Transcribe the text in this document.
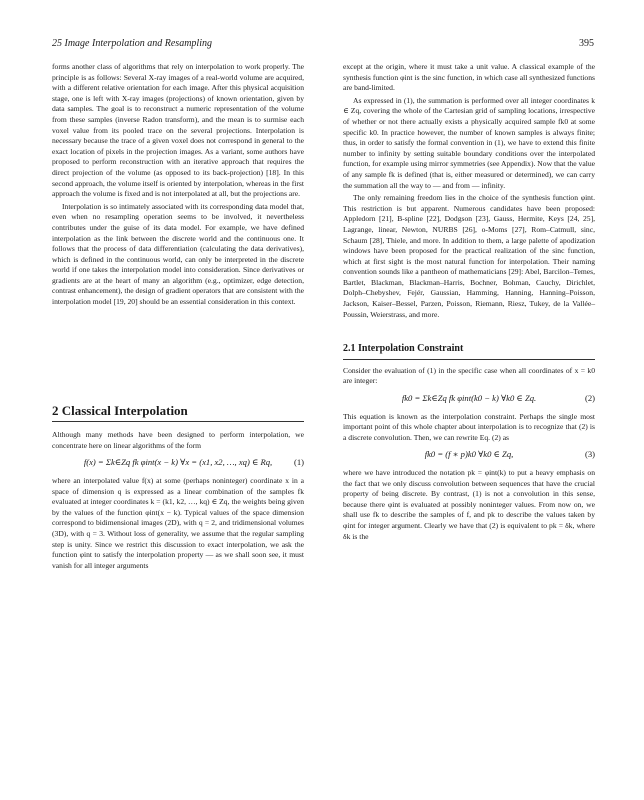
25 Image Interpolation and Resampling	395

forms another class of algorithms that rely on interpolation to work properly. The principle is as follows: Several X-ray images of a real-world volume are acquired, with a different relative orientation for each image. After this physical acquisition stage, one is left with X-ray images (projections) of known orientation, given by data samples. The goal is to reconstruct a numeric representation of the volume from these samples (inverse Radon transform), and the mean is to surmise each voxel value from its pooled trace on the several projections. Interpolation is necessary because the trace of a given voxel does not correspond in general to the exact location of pixels in the projection images. As a variant, some authors have proposed to perform reconstruction with an iterative approach that requires the direct projection of the volume (as opposed to its back-projection) [18]. In this second approach, the volume itself is oriented by interpolation, whereas in the first approach the volume is fixed and is not interpolated at all, but the projections are.

Interpolation is so intimately associated with its corresponding data model that, even when no resampling operation seems to be involved, it nevertheless contributes under the guise of its data model. For example, we have defined interpolation as the link between the discrete world and the continuous one. It follows that the process of data differentiation (calculating the data derivatives), which is defined in the continuous world, can only be interpreted in the discrete world if one takes the interpolation model into consideration. Since derivatives or gradients are at the heart of many an algorithm (e.g., optimizer, edge detection, contrast enhancement), the design of gradient operators that are consistent with the interpolation model [19, 20] should be an essential consideration in this context.

2 Classical Interpolation

Although many methods have been designed to perform interpolation, we concentrate here on linear algorithms of the form

f(x) = Σk∈Zq fk φint(x − k) ∀x = (x1, x2, …, xq) ∈ Rq,	(1)

where an interpolated value f(x) at some (perhaps noninteger) coordinate x in a space of dimension q is expressed as a linear combination of the samples fk evaluated at integer coordinates k = (k1, k2, …, kq) ∈ Zq, the weights being given by the values of the function φint(x − k). Typical values of the space dimension correspond to bidimensional images (2D), with q = 2, and tridimensional volumes (3D), with q = 3. Without loss of generality, we assume that the regular sampling step is unity. Since we restrict this discussion to exact interpolation, we ask the function φint to satisfy the interpolation property — as we shall soon see, it must vanish for all integer arguments

except at the origin, where it must take a unit value. A classical example of the synthesis function φint is the sinc function, in which case all synthesized functions are band-limited.

As expressed in (1), the summation is performed over all integer coordinates k ∈ Zq, covering the whole of the Cartesian grid of sampling locations, irrespective of whether or not there actually exists a physically acquired sample fk0 at some specific k0. In practice however, the number of known samples is always finite; thus, in order to satisfy the formal convention in (1), we have to extend this finite number to infinity by setting suitable boundary conditions over the interpolated function, for example using mirror symmetries (see Appendix). Now that the value of any sample fk is defined (that is, either measured or determined), we can carry the summation all the way to — and from — infinity.

The only remaining freedom lies in the choice of the synthesis function φint. This restriction is but apparent. Numerous candidates have been proposed: Appledorn [21], B-spline [22], Dodgson [23], Gauss, Hermite, Keys [24, 25], Lagrange, linear, Newton, NURBS [26], o-Moms [27], Rom–Catmull, sinc, Schaum [28], Thiele, and more. In addition to them, a large palette of apodization windows have been proposed for the practical realization of the sinc function, which at first sight is the most natural function for interpolation. Their naming convention sounds like a pantheon of mathematicians [29]: Abel, Barcilon–Temes, Bartlet, Blackman, Blackman–Harris, Bochner, Bohman, Cauchy, Dirichlet, Dolph–Chebyshev, Fejér, Gaussian, Hamming, Hanning, Hanning–Poisson, Jackson, Kaiser–Bessel, Parzen, Poisson, Riemann, Riesz, Tukey, de la Vallée–Poussin, Weierstrass, and more.

2.1 Interpolation Constraint

Consider the evaluation of (1) in the specific case when all coordinates of x = k0 are integer:

fk0 = Σk∈Zq fk φint(k0 − k) ∀k0 ∈ Zq.	(2)

This equation is known as the interpolation constraint. Perhaps the single most important point of this whole chapter about interpolation is to recognize that (2) is a discrete convolution. Then, we can rewrite Eq. (2) as

fk0 = (f ∗ p)k0 ∀k0 ∈ Zq,	(3)

where we have introduced the notation pk = φint(k) to put a heavy emphasis on the fact that we only discuss convolution between sequences that have the crucial property of being discrete. By contrast, (1) is not a convolution in this sense, because there φint is evaluated at possibly noninteger values. From now on, we shall use fk to describe the samples of f, and pk to describe the values taken by φint for integer argument. Clearly we have that (2) is equivalent to pk = δk, where δk is the
